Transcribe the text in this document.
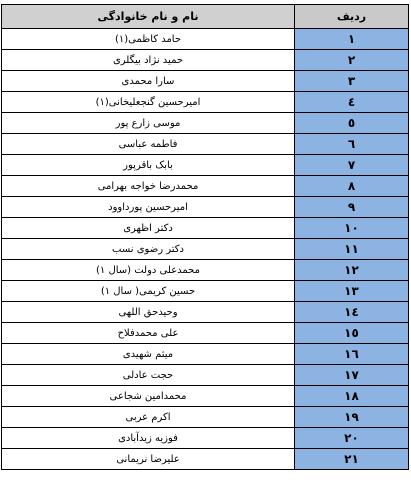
ردیف	نام و نام خانوادگی
۱	حامد کاظمی(۱)
۲	حمید نژاد بیگلری
۳	سارا محمدی
٤	امیرحسین گنجعلیخانی(۱)
٥	موسی زارع پور
٦	فاطمه عباسی
۷	بابک باقرپور
۸	محمدرضا خواجه بهرامی
۹	امیرحسین پورداوود
۱۰	دکتر اظهری
۱۱	دکتر رضوی نسب
۱۲	محمدعلی دولت (سال ۱)
۱۳	حسین کریمی( سال ۱)
۱٤	وحیدحق اللهی
۱٥	علی محمدفلاح
۱٦	میثم شهیدی
۱۷	حجت عادلی
۱۸	محمدامین شجاعی
۱۹	اکرم عربی
۲۰	فوزیه زیدآبادی
۲۱	علیرضا نریمانی
